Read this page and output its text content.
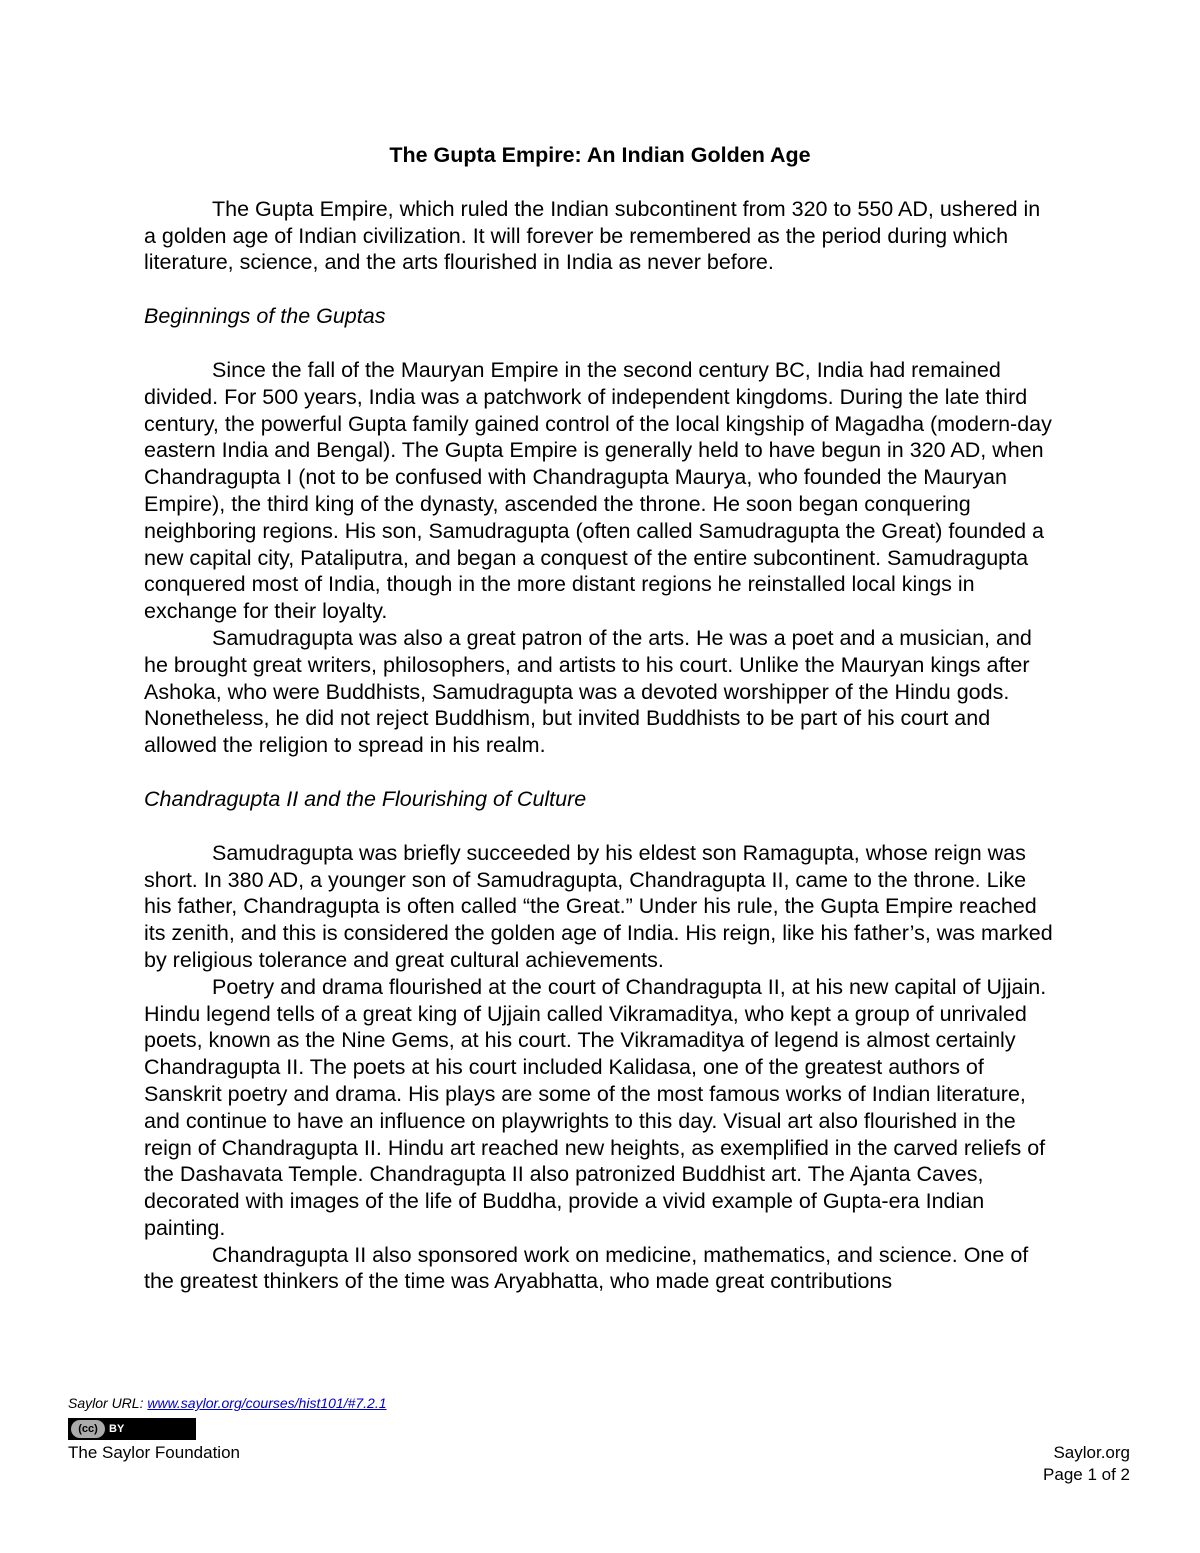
The Gupta Empire: An Indian Golden Age

The Gupta Empire, which ruled the Indian subcontinent from 320 to 550 AD, ushered in a golden age of Indian civilization. It will forever be remembered as the period during which literature, science, and the arts flourished in India as never before.

Beginnings of the Guptas

Since the fall of the Mauryan Empire in the second century BC, India had remained divided. For 500 years, India was a patchwork of independent kingdoms. During the late third century, the powerful Gupta family gained control of the local kingship of Magadha (modern-day eastern India and Bengal). The Gupta Empire is generally held to have begun in 320 AD, when Chandragupta I (not to be confused with Chandragupta Maurya, who founded the Mauryan Empire), the third king of the dynasty, ascended the throne. He soon began conquering neighboring regions. His son, Samudragupta (often called Samudragupta the Great) founded a new capital city, Pataliputra, and began a conquest of the entire subcontinent. Samudragupta conquered most of India, though in the more distant regions he reinstalled local kings in exchange for their loyalty.

Samudragupta was also a great patron of the arts. He was a poet and a musician, and he brought great writers, philosophers, and artists to his court. Unlike the Mauryan kings after Ashoka, who were Buddhists, Samudragupta was a devoted worshipper of the Hindu gods. Nonetheless, he did not reject Buddhism, but invited Buddhists to be part of his court and allowed the religion to spread in his realm.

Chandragupta II and the Flourishing of Culture

Samudragupta was briefly succeeded by his eldest son Ramagupta, whose reign was short. In 380 AD, a younger son of Samudragupta, Chandragupta II, came to the throne. Like his father, Chandragupta is often called “the Great.” Under his rule, the Gupta Empire reached its zenith, and this is considered the golden age of India. His reign, like his father’s, was marked by religious tolerance and great cultural achievements.

Poetry and drama flourished at the court of Chandragupta II, at his new capital of Ujjain. Hindu legend tells of a great king of Ujjain called Vikramaditya, who kept a group of unrivaled poets, known as the Nine Gems, at his court. The Vikramaditya of legend is almost certainly Chandragupta II. The poets at his court included Kalidasa, one of the greatest authors of Sanskrit poetry and drama. His plays are some of the most famous works of Indian literature, and continue to have an influence on playwrights to this day. Visual art also flourished in the reign of Chandragupta II. Hindu art reached new heights, as exemplified in the carved reliefs of the Dashavata Temple. Chandragupta II also patronized Buddhist art. The Ajanta Caves, decorated with images of the life of Buddha, provide a vivid example of Gupta-era Indian painting.

Chandragupta II also sponsored work on medicine, mathematics, and science. One of the greatest thinkers of the time was Aryabhatta, who made great contributions

Saylor URL: www.saylor.org/courses/hist101/#7.2.1
(cc)	BY
The Saylor Foundation	Saylor.org
Page 1 of 2
